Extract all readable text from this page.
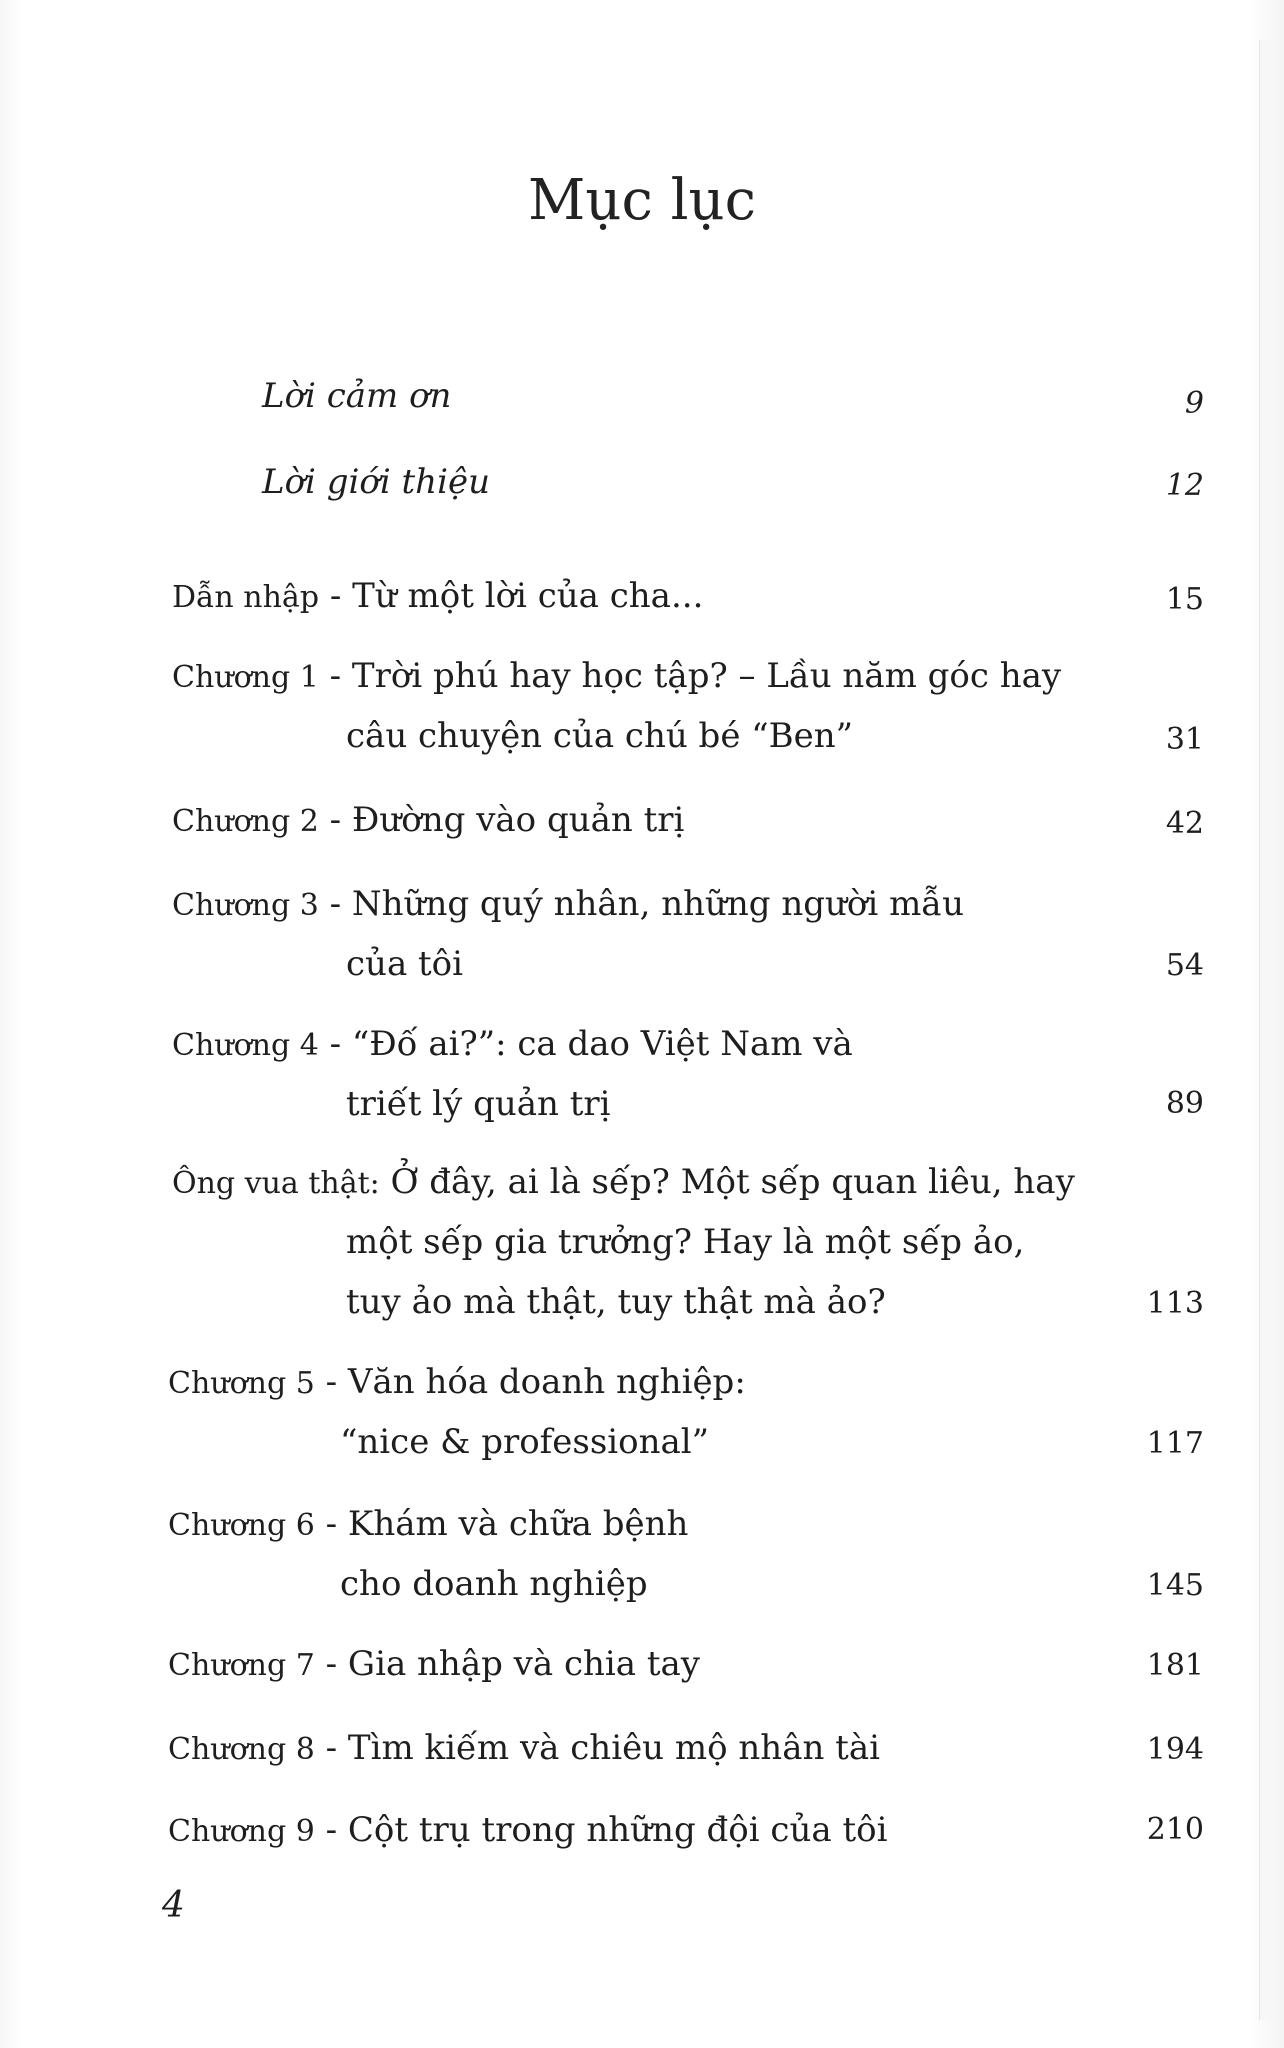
Mục lục
Lời cảm ơn	9
Lời giới thiệu	12
Dẫn nhập - Từ một lời của cha...	15
Chương 1 - Trời phú hay học tập? – Lầu năm góc hay
câu chuyện của chú bé “Ben”	31
Chương 2 - Đường vào quản trị	42
Chương 3 - Những quý nhân, những người mẫu
của tôi	54
Chương 4 - “Đố ai?”: ca dao Việt Nam và
triết lý quản trị	89
Ông vua thật: Ở đây, ai là sếp? Một sếp quan liêu, hay
một sếp gia trưởng? Hay là một sếp ảo,
tuy ảo mà thật, tuy thật mà ảo?	113
Chương 5 - Văn hóa doanh nghiệp:
“nice & professional”	117
Chương 6 - Khám và chữa bệnh
cho doanh nghiệp	145
Chương 7 - Gia nhập và chia tay	181
Chương 8 - Tìm kiếm và chiêu mộ nhân tài	194
Chương 9 - Cột trụ trong những đội của tôi	210
4
